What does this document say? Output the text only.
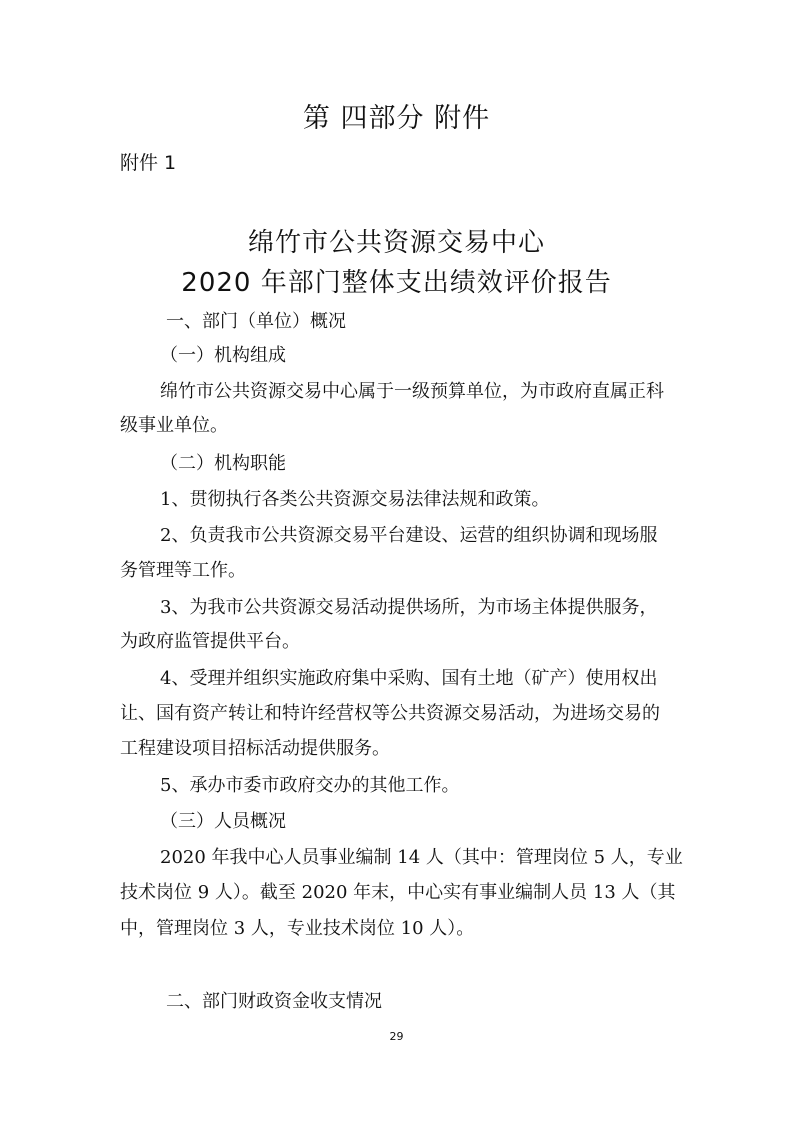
第 四部分 附件
附件 1
绵竹市公共资源交易中心
2020 年部门整体支出绩效评价报告
一、部门（单位）概况
（一）机构组成
绵竹市公共资源交易中心属于一级预算单位，为市政府直属正科
级事业单位。
（二）机构职能
1、贯彻执行各类公共资源交易法律法规和政策。
2、负责我市公共资源交易平台建设、运营的组织协调和现场服
务管理等工作。
3、为我市公共资源交易活动提供场所，为市场主体提供服务，
为政府监管提供平台。
4、受理并组织实施政府集中采购、国有土地（矿产）使用权出
让、国有资产转让和特许经营权等公共资源交易活动，为进场交易的
工程建设项目招标活动提供服务。
5、承办市委市政府交办的其他工作。
（三）人员概况
2020 年我中心人员事业编制 14 人（其中：管理岗位 5 人，专业
技术岗位 9 人）。截至 2020 年末，中心实有事业编制人员 13 人（其
中，管理岗位 3 人，专业技术岗位 10 人）。
二、部门财政资金收支情况
29
